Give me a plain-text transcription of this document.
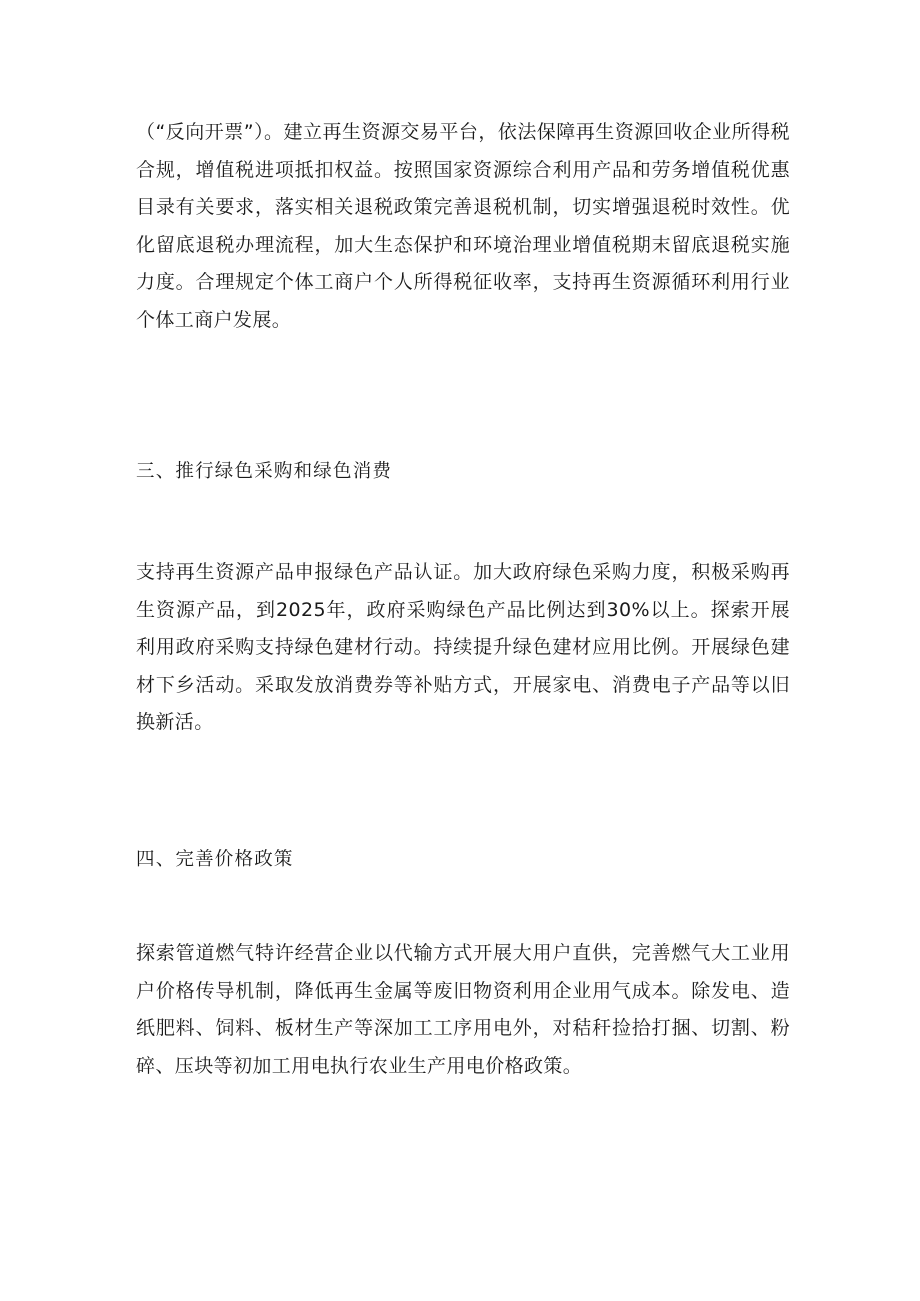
（“反向开票”）。建立再生资源交易平台，依法保障再生资源回收企业所得税合规，增值税进项抵扣权益。按照国家资源综合利用产品和劳务增值税优惠目录有关要求，落实相关退税政策完善退税机制，切实增强退税时效性。优化留底退税办理流程，加大生态保护和环境治理业增值税期末留底退税实施力度。合理规定个体工商户个人所得税征收率，支持再生资源循环利用行业个体工商户发展。

三、推行绿色采购和绿色消费

支持再生资源产品申报绿色产品认证。加大政府绿色采购力度，积极采购再生资源产品，到2025年，政府采购绿色产品比例达到30%以上。探索开展利用政府采购支持绿色建材行动。持续提升绿色建材应用比例。开展绿色建材下乡活动。采取发放消费券等补贴方式，开展家电、消费电子产品等以旧换新活。

四、完善价格政策

探索管道燃气特许经营企业以代输方式开展大用户直供，完善燃气大工业用户价格传导机制，降低再生金属等废旧物资利用企业用气成本。除发电、造纸肥料、饲料、板材生产等深加工工序用电外，对秸秆捡拾打捆、切割、粉碎、压块等初加工用电执行农业生产用电价格政策。
